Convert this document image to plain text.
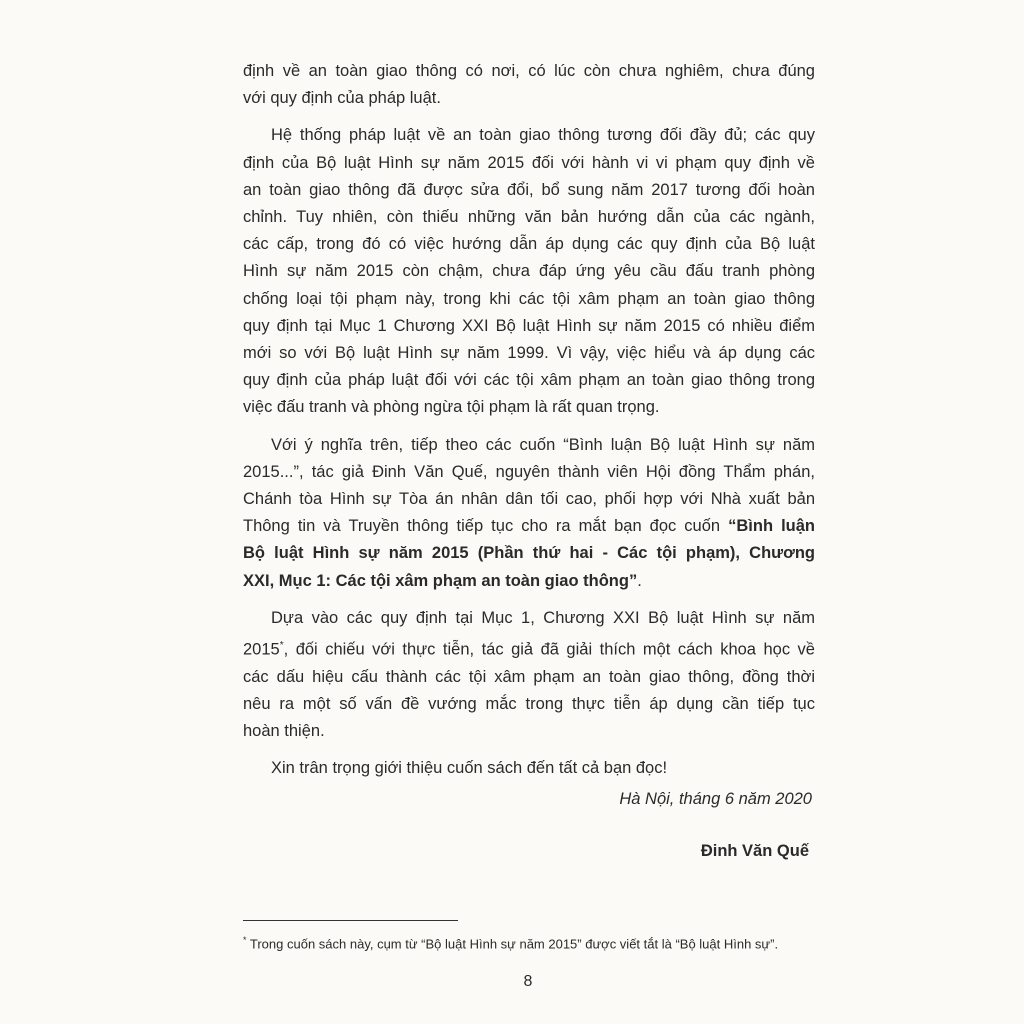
định về an toàn giao thông có nơi, có lúc còn chưa nghiêm, chưa đúng
với quy định của pháp luật.
Hệ thống pháp luật về an toàn giao thông tương đối đầy đủ; các quy
định của Bộ luật Hình sự năm 2015 đối với hành vi vi phạm quy định về
an toàn giao thông đã được sửa đổi, bổ sung năm 2017 tương đối hoàn
chỉnh. Tuy nhiên, còn thiếu những văn bản hướng dẫn của các ngành,
các cấp, trong đó có việc hướng dẫn áp dụng các quy định của Bộ luật
Hình sự năm 2015 còn chậm, chưa đáp ứng yêu cầu đấu tranh phòng
chống loại tội phạm này, trong khi các tội xâm phạm an toàn giao thông
quy định tại Mục 1 Chương XXI Bộ luật Hình sự năm 2015 có nhiều điểm
mới so với Bộ luật Hình sự năm 1999. Vì vậy, việc hiểu và áp dụng các
quy định của pháp luật đối với các tội xâm phạm an toàn giao thông trong
việc đấu tranh và phòng ngừa tội phạm là rất quan trọng.
Với ý nghĩa trên, tiếp theo các cuốn “Bình luận Bộ luật Hình sự năm
2015...”, tác giả Đinh Văn Quế, nguyên thành viên Hội đồng Thẩm phán,
Chánh tòa Hình sự Tòa án nhân dân tối cao, phối hợp với Nhà xuất bản
Thông tin và Truyền thông tiếp tục cho ra mắt bạn đọc cuốn “Bình luận
Bộ luật Hình sự năm 2015 (Phần thứ hai - Các tội phạm), Chương
XXI, Mục 1: Các tội xâm phạm an toàn giao thông”.
Dựa vào các quy định tại Mục 1, Chương XXI Bộ luật Hình sự năm
2015*, đối chiếu với thực tiễn, tác giả đã giải thích một cách khoa học về
các dấu hiệu cấu thành các tội xâm phạm an toàn giao thông, đồng thời
nêu ra một số vấn đề vướng mắc trong thực tiễn áp dụng cần tiếp tục
hoàn thiện.
Xin trân trọng giới thiệu cuốn sách đến tất cả bạn đọc!
Hà Nội, tháng 6 năm 2020
Đinh Văn Quế
* Trong cuốn sách này, cụm từ “Bộ luật Hình sự năm 2015” được viết tắt là “Bộ luật Hình sự”.
8
